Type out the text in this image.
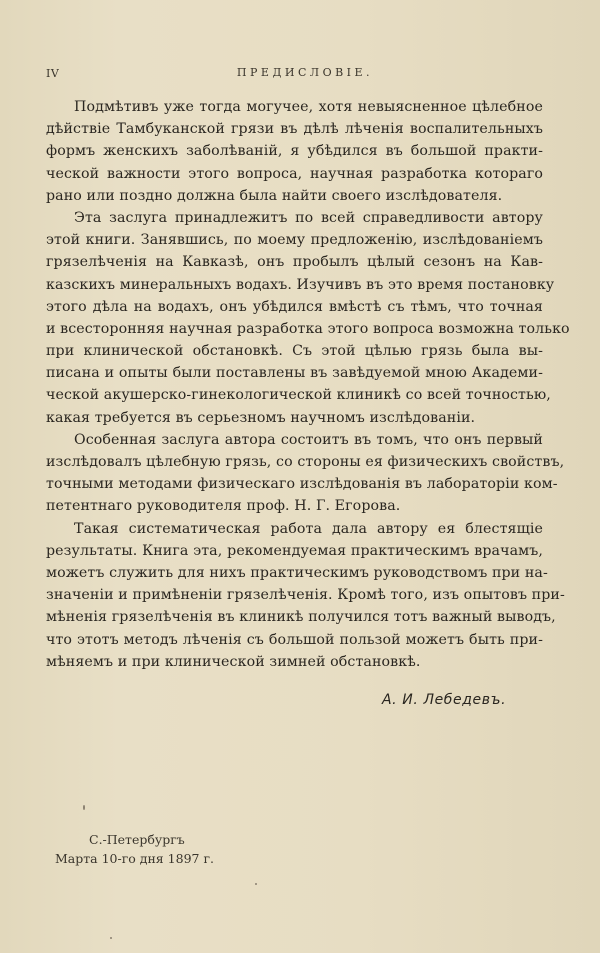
IV	ПРЕДИСЛОВІЕ.
Подмѣтивъ уже тогда могучее, хотя невыясненное цѣлебное
дѣйствіе Тамбуканской грязи въ дѣлѣ лѣченія воспалительныхъ
формъ женскихъ заболѣваній, я убѣдился въ большой практи-
ческой важности этого вопроса, научная разработка котораго
рано или поздно должна была найти своего изслѣдователя.
Эта заслуга принадлежитъ по всей справедливости автору
этой книги. Занявшись, по моему предложенію, изслѣдованіемъ
грязелѣченія на Кавказѣ, онъ пробылъ цѣлый сезонъ на Кав-
казскихъ минеральныхъ водахъ. Изучивъ въ это время постановку
этого дѣла на водахъ, онъ убѣдился вмѣстѣ съ тѣмъ, что точная
и всесторонняя научная разработка этого вопроса возможна только
при клинической обстановкѣ. Съ этой цѣлью грязь была вы-
писана и опыты были поставлены въ завѣдуемой мною Академи-
ческой акушерско-гинекологической клиникѣ со всей точностью,
какая требуется въ серьезномъ научномъ изслѣдованіи.
Особенная заслуга автора состоитъ въ томъ, что онъ первый
изслѣдовалъ цѣлебную грязь, со стороны ея физическихъ свойствъ,
точными методами физическаго изслѣдованія въ лабораторіи ком-
петентнаго руководителя проф. Н. Г. Егорова.
Такая систематическая работа дала автору ея блестящіе
результаты. Книга эта, рекомендуемая практическимъ врачамъ,
можетъ служить для нихъ практическимъ руководствомъ при на-
значеніи и примѣненіи грязелѣченія. Кромѣ того, изъ опытовъ при-
мѣненія грязелѣченія въ клиникѣ получился тотъ важный выводъ,
что этотъ методъ лѣченія съ большой пользой можетъ быть при-
мѣняемъ и при клинической зимней обстановкѣ.
А. И. Лебедевъ.
С.-Петербургъ
Марта 10-го дня 1897 г.
